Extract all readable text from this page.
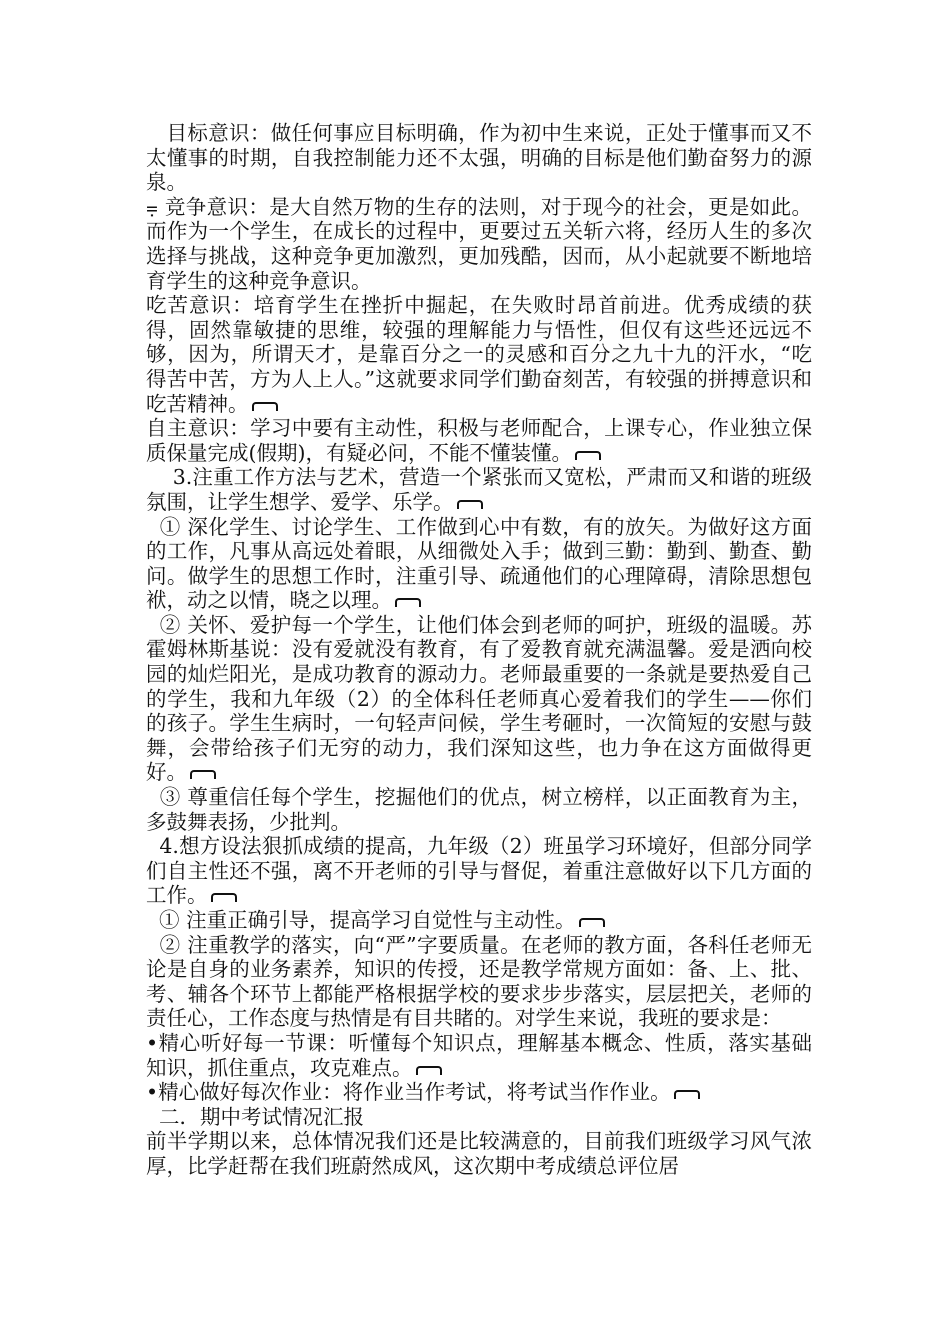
目标意识：做任何事应目标明确，作为初中生来说，正处于懂事而又不太懂事的时期，自我控制能力还不太强，明确的目标是他们勤奋努力的源泉。

⩦ 竞争意识：是大自然万物的生存的法则，对于现今的社会，更是如此。而作为一个学生，在成长的过程中，更要过五关斩六将，经历人生的多次选择与挑战，这种竞争更加激烈，更加残酷，因而，从小起就要不断地培育学生的这种竞争意识。

吃苦意识：培育学生在挫折中掘起，在失败时昂首前进。优秀成绩的获得，固然靠敏捷的思维，较强的理解能力与悟性，但仅有这些还远远不够，因为，所谓天才，是靠百分之一的灵感和百分之九十九的汗水，“吃得苦中苦，方为人上人。”这就要求同学们勤奋刻苦，有较强的拼搏意识和吃苦精神。

自主意识：学习中要有主动性，积极与老师配合，上课专心，作业独立保质保量完成(假期)，有疑必问，不能不懂装懂。

3.注重工作方法与艺术，营造一个紧张而又宽松，严肃而又和谐的班级氛围，让学生想学、爱学、乐学。

① 深化学生、讨论学生、工作做到心中有数，有的放矢。为做好这方面的工作，凡事从高远处着眼，从细微处入手；做到三勤：勤到、勤查、勤问。做学生的思想工作时，注重引导、疏通他们的心理障碍，清除思想包袱，动之以情，晓之以理。

② 关怀、爱护每一个学生，让他们体会到老师的呵护，班级的温暖。苏霍姆林斯基说：没有爱就没有教育，有了爱教育就充满温馨。爱是洒向校园的灿烂阳光，是成功教育的源动力。老师最重要的一条就是要热爱自己的学生，我和九年级（2）的全体科任老师真心爱着我们的学生——你们的孩子。学生生病时，一句轻声问候，学生考砸时，一次简短的安慰与鼓舞，会带给孩子们无穷的动力，我们深知这些，也力争在这方面做得更好。

③ 尊重信任每个学生，挖掘他们的优点，树立榜样，以正面教育为主，多鼓舞表扬，少批判。

4.想方设法狠抓成绩的提高，九年级（2）班虽学习环境好，但部分同学们自主性还不强，离不开老师的引导与督促，着重注意做好以下几方面的工作。

① 注重正确引导，提高学习自觉性与主动性。

② 注重教学的落实，向“严”字要质量。在老师的教方面，各科任老师无论是自身的业务素养，知识的传授，还是教学常规方面如：备、上、批、考、辅各个环节上都能严格根据学校的要求步步落实，层层把关，老师的责任心，工作态度与热情是有目共睹的。对学生来说，我班的要求是：

•精心听好每一节课：听懂每个知识点，理解基本概念、性质，落实基础知识，抓住重点，攻克难点。

•精心做好每次作业：将作业当作考试，将考试当作作业。

二．期中考试情况汇报

前半学期以来，总体情况我们还是比较满意的，目前我们班级学习风气浓厚，比学赶帮在我们班蔚然成风，这次期中考成绩总评位居
